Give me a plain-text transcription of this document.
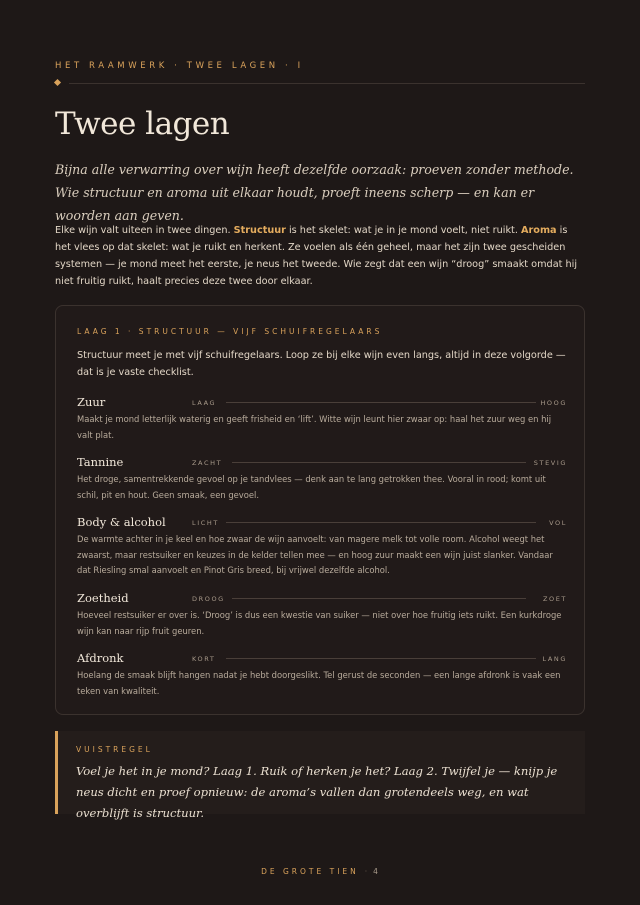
HET RAAMWERK · TWEE LAGEN · I
Twee lagen
Bijna alle verwarring over wijn heeft dezelfde oorzaak: proeven zonder methode. Wie structuur en aroma uit elkaar houdt, proeft ineens scherp — en kan er woorden aan geven.
Elke wijn valt uiteen in twee dingen. Structuur is het skelet: wat je in je mond voelt, niet ruikt. Aroma is het vlees op dat skelet: wat je ruikt en herkent. Ze voelen als één geheel, maar het zijn twee gescheiden systemen — je mond meet het eerste, je neus het tweede. Wie zegt dat een wijn “droog” smaakt omdat hij niet fruitig ruikt, haalt precies deze twee door elkaar.
LAAG 1 · STRUCTUUR — VIJF SCHUIFREGELAARS
Structuur meet je met vijf schuifregelaars. Loop ze bij elke wijn even langs, altijd in deze volgorde — dat is je vaste checklist.
Zuur	LAAG	HOOG
Maakt je mond letterlijk waterig en geeft frisheid en ‘lift’. Witte wijn leunt hier zwaar op: haal het zuur weg en hij valt plat.
Tannine	ZACHT	STEVIG
Het droge, samentrekkende gevoel op je tandvlees — denk aan te lang getrokken thee. Vooral in rood; komt uit schil, pit en hout. Geen smaak, een gevoel.
Body & alcohol	LICHT	VOL
De warmte achter in je keel en hoe zwaar de wijn aanvoelt: van magere melk tot volle room. Alcohol weegt het zwaarst, maar restsuiker en keuzes in de kelder tellen mee — en hoog zuur maakt een wijn juist slanker. Vandaar dat Riesling smal aanvoelt en Pinot Gris breed, bij vrijwel dezelfde alcohol.
Zoetheid	DROOG	ZOET
Hoeveel restsuiker er over is. ‘Droog’ is dus een kwestie van suiker — niet over hoe fruitig iets ruikt. Een kurkdroge wijn kan naar rijp fruit geuren.
Afdronk	KORT	LANG
Hoelang de smaak blijft hangen nadat je hebt doorgeslikt. Tel gerust de seconden — een lange afdronk is vaak een teken van kwaliteit.
VUISTREGEL
Voel je het in je mond? Laag 1. Ruik of herken je het? Laag 2. Twijfel je — knijp je neus dicht en proef opnieuw: de aroma’s vallen dan grotendeels weg, en wat overblijft is structuur.
DE GROTE TIEN · 4
